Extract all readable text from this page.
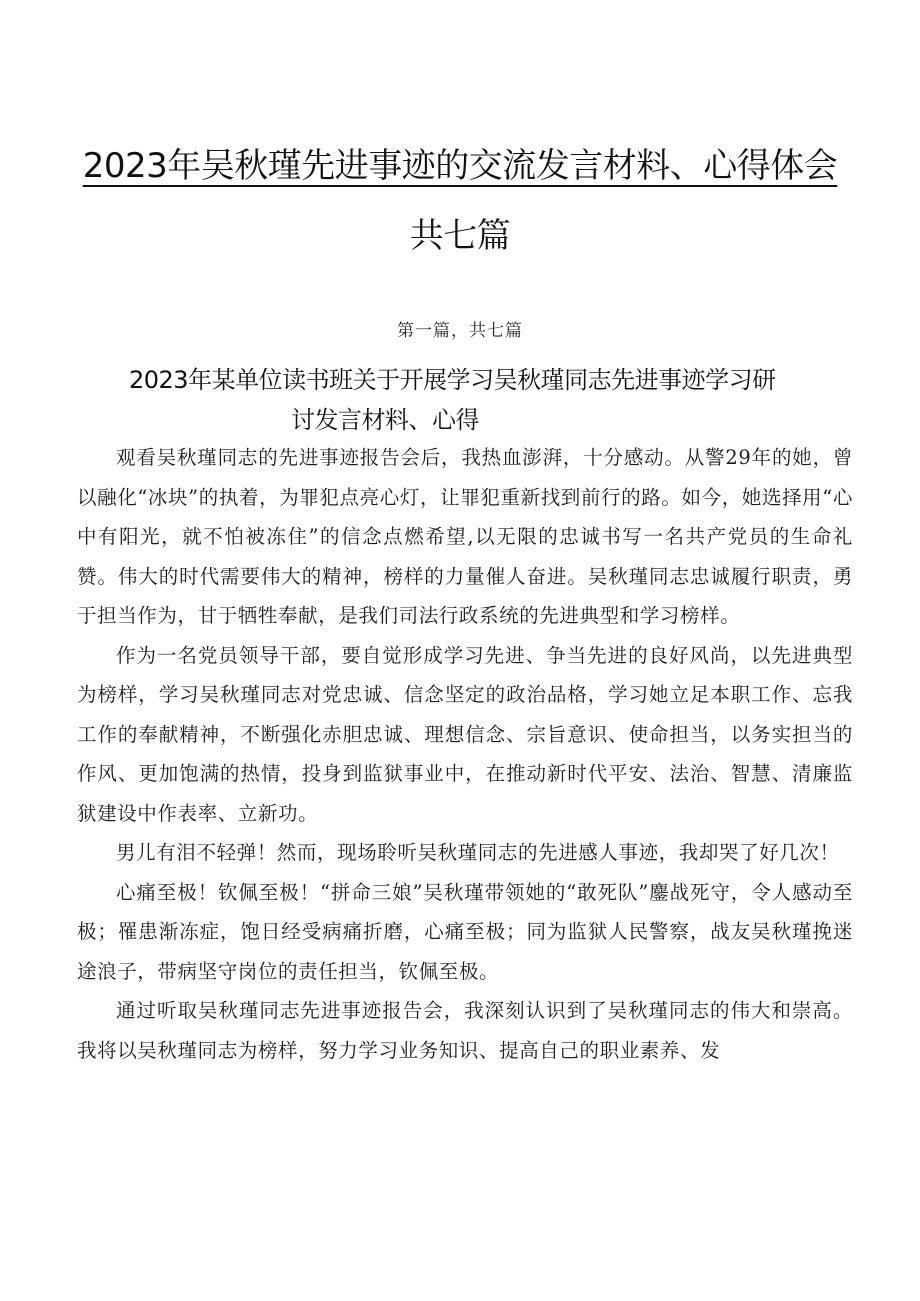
2023年吴秋瑾先进事迹的交流发言材料、心得体会
共七篇
第一篇，共七篇
2023年某单位读书班关于开展学习吴秋瑾同志先进事迹学习研
讨发言材料、心得

观看吴秋瑾同志的先进事迹报告会后，我热血澎湃，十分感动。从警29年的她，曾以融化“冰块”的执着，为罪犯点亮心灯，让罪犯重新找到前行的路。如今，她选择用“心中有阳光，就不怕被冻住”的信念点燃希望,以无限的忠诚书写一名共产党员的生命礼赞。伟大的时代需要伟大的精神，榜样的力量催人奋进。吴秋瑾同志忠诚履行职责，勇于担当作为，甘于牺牲奉献，是我们司法行政系统的先进典型和学习榜样。

作为一名党员领导干部，要自觉形成学习先进、争当先进的良好风尚，以先进典型为榜样，学习吴秋瑾同志对党忠诚、信念坚定的政治品格，学习她立足本职工作、忘我工作的奉献精神，不断强化赤胆忠诚、理想信念、宗旨意识、使命担当，以务实担当的作风、更加饱满的热情，投身到监狱事业中，在推动新时代平安、法治、智慧、清廉监狱建设中作表率、立新功。

男儿有泪不轻弹！然而，现场聆听吴秋瑾同志的先进感人事迹，我却哭了好几次！

心痛至极！钦佩至极！“拼命三娘”吴秋瑾带领她的“敢死队”鏖战死守，令人感动至极；罹患渐冻症，饱日经受病痛折磨，心痛至极；同为监狱人民警察，战友吴秋瑾挽迷途浪子，带病坚守岗位的责任担当，钦佩至极。

通过听取吴秋瑾同志先进事迹报告会，我深刻认识到了吴秋瑾同志的伟大和崇高。我将以吴秋瑾同志为榜样，努力学习业务知识、提高自己的职业素养、发
